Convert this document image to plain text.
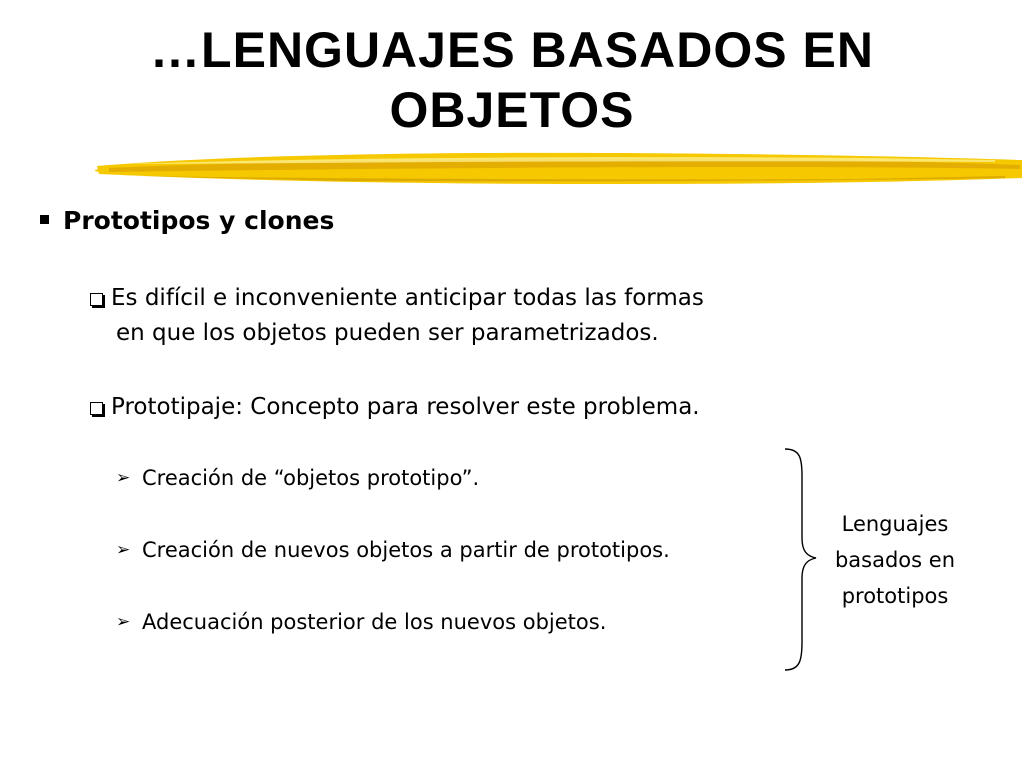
…LENGUAJES BASADOS EN
OBJETOS
Prototipos y clones
Es difícil e inconveniente anticipar todas las formas
en que los objetos pueden ser parametrizados.
Prototipaje: Concepto para resolver este problema.
➢ Creación de “objetos prototipo”.
➢ Creación de nuevos objetos a partir de prototipos.
➢ Adecuación posterior de los nuevos objetos.
Lenguajes
basados en
prototipos
